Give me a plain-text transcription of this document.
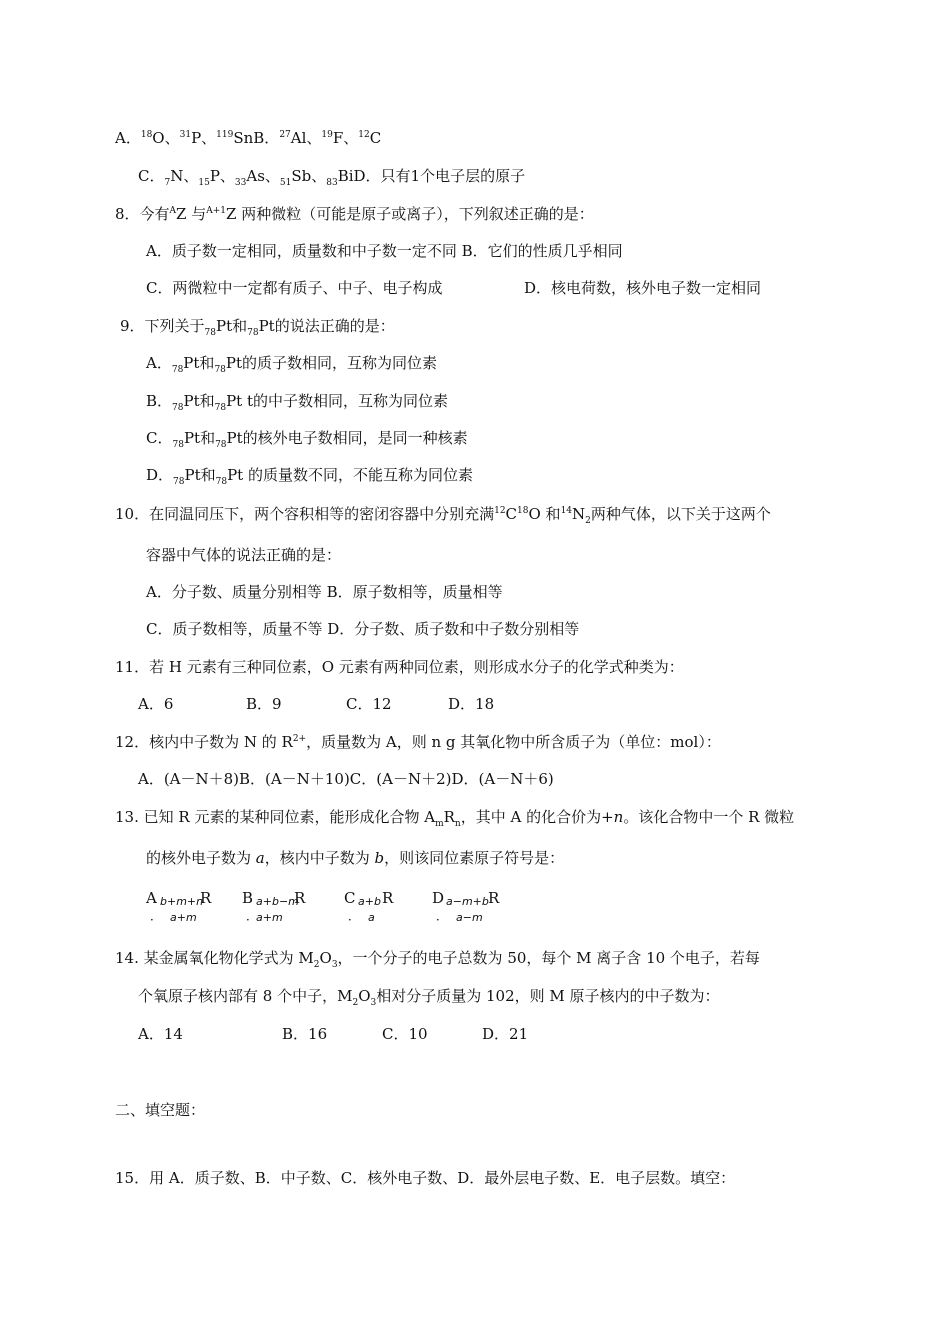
A．$^{18}$O、$^{31}$P、$^{119}$SnB．$^{27}$Al、$^{19}$F、$^{12}$C
C．$_7$N、$_{15}$P、$_{33}$As、$_{51}$Sb、$_{83}$BiD．只有1个电子层的原子
8．今有$^A$Z 与$^{A+1}$Z 两种微粒（可能是原子或离子），下列叙述正确的是：
A．质子数一定相同，质量数和中子数一定不同 B．它们的性质几乎相同
C．两微粒中一定都有质子、中子、电子构成	D．核电荷数，核外电子数一定相同
9．下列关于$_{78}$Pt和$_{78}$Pt的说法正确的是：
A．$_{78}$Pt和$_{78}$Pt的质子数相同，互称为同位素
B．$_{78}$Pt和$_{78}$Pt t的中子数相同，互称为同位素
C．$_{78}$Pt和$_{78}$Pt的核外电子数相同，是同一种核素
D．$_{78}$Pt和$_{78}$Pt 的质量数不同，不能互称为同位素
10．在同温同压下，两个容积相等的密闭容器中分别充满$^{12}C^{18}O$ 和$^{14}N_2$两种气体，以下关于这两个
容器中气体的说法正确的是：
A．分子数、质量分别相等 B．原子数相等，质量相等
C．质子数相等，质量不等 D．分子数、质子数和中子数分别相等
11．若 H 元素有三种同位素，O 元素有两种同位素，则形成水分子的化学式种类为：
A．6	B．9	C．12	D．18
12．核内中子数为 N 的 $R^{2+}$，质量数为 A，则 n g 其氧化物中所含质子为（单位：mol）：
A．(A－N＋8)B．(A－N＋10)C．(A－N＋2)D．(A－N＋6)
13. 已知 R 元素的某种同位素，能形成化合物 $A_mR_n$，其中 A 的化合价为+n。该化合物中一个 R 微粒
的核外电子数为 a，核内中子数为 b，则该同位素原子符号是：
A
．
b+m+n
R
a+m
B
．
a+b−m
R
a+m
C
．
a+b R
a
D
．
a−m+b R
a−m
14. 某金属氧化物化学式为 $M_2O_3$，一个分子的电子总数为 50，每个 M 离子含 10 个电子，若每
个氧原子核内部有 8 个中子，$M_2O_3$相对分子质量为 102，则 M 原子核内的中子数为：
A．14	B．16	C．10	D．21
二、填空题：
15．用 A．质子数、B．中子数、C．核外电子数、D．最外层电子数、E．电子层数。填空：
